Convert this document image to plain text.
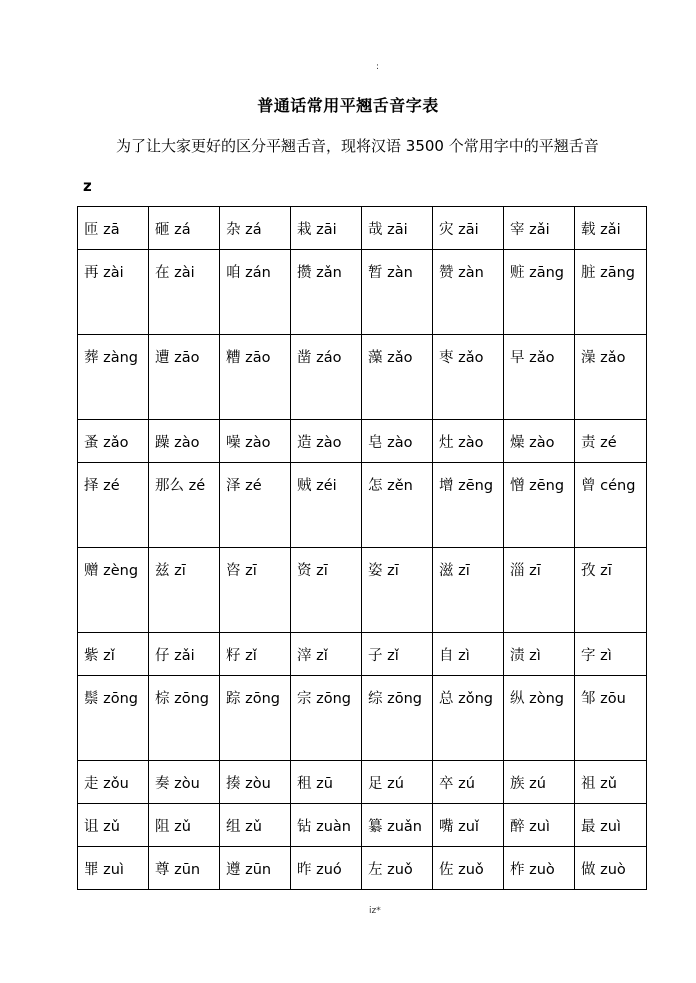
:
普通话常用平翘舌音字表
为了让大家更好的区分平翘舌音，现将汉语 3500 个常用字中的平翘舌音
z
匝 zā	砸 zá	杂 zá	栽 zāi	哉 zāi	灾 zāi	宰 zǎi	载 zǎi
再 zài	在 zài	咱 zán	攒 zǎn	暂 zàn	赞 zàn	赃 zāng	脏 zāng
葬 zàng	遭 zāo	糟 zāo	凿 záo	藻 zǎo	枣 zǎo	早 zǎo	澡 zǎo
蚤 zǎo	躁 zào	噪 zào	造 zào	皂 zào	灶 zào	燥 zào	责 zé
择 zé	那么 zé	泽 zé	贼 zéi	怎 zěn	增 zēng	憎 zēng	曾 céng
赠 zèng	兹 zī	咨 zī	资 zī	姿 zī	滋 zī	淄 zī	孜 zī
紫 zǐ	仔 zǎi	籽 zǐ	滓 zǐ	子 zǐ	自 zì	渍 zì	字 zì
鬃 zōng	棕 zōng	踪 zōng	宗 zōng	综 zōng	总 zǒng	纵 zòng	邹 zōu
走 zǒu	奏 zòu	揍 zòu	租 zū	足 zú	卒 zú	族 zú	祖 zǔ
诅 zǔ	阻 zǔ	组 zǔ	钻 zuàn	纂 zuǎn	嘴 zuǐ	醉 zuì	最 zuì
罪 zuì	尊 zūn	遵 zūn	昨 zuó	左 zuǒ	佐 zuǒ	柞 zuò	做 zuò
iz*
